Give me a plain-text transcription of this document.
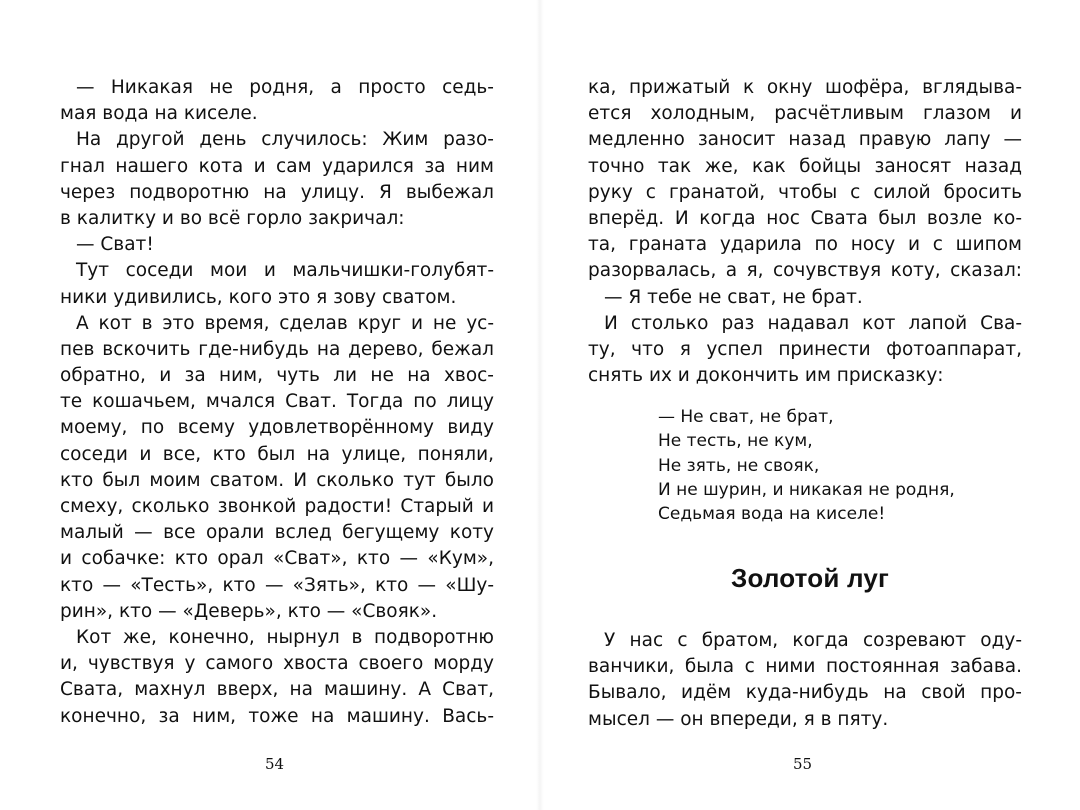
— Никакая не родня, а просто седь-
мая вода на киселе.
На другой день случилось: Жим разо-
гнал нашего кота и сам ударился за ним
через подворотню на улицу. Я выбежал
в калитку и во всё горло закричал:
— Сват!
Тут соседи мои и мальчишки-голубят-
ники удивились, кого это я зову сватом.
А кот в это время, сделав круг и не ус-
пев вскочить где-нибудь на дерево, бежал
обратно, и за ним, чуть ли не на хвос-
те кошачьем, мчался Сват. Тогда по лицу
моему, по всему удовлетворённому виду
соседи и все, кто был на улице, поняли,
кто был моим сватом. И сколько тут было
смеху, сколько звонкой радости! Старый и
малый — все орали вслед бегущему коту
и собачке: кто орал «Сват», кто — «Кум»,
кто — «Тесть», кто — «Зять», кто — «Шу-
рин», кто — «Деверь», кто — «Свояк».
Кот же, конечно, нырнул в подворотню
и, чувствуя у самого хвоста своего морду
Свата, махнул вверх, на машину. А Сват,
конечно, за ним, тоже на машину. Вась-
54
ка, прижатый к окну шофёра, вглядыва-
ется холодным, расчётливым глазом и
медленно заносит назад правую лапу —
точно так же, как бойцы заносят назад
руку с гранатой, чтобы с силой бросить
вперёд. И когда нос Свата был возле ко-
та, граната ударила по носу и с шипом
разорвалась, а я, сочувствуя коту, сказал:
— Я тебе не сват, не брат.
И столько раз надавал кот лапой Сва-
ту, что я успел принести фотоаппарат,
снять их и докончить им присказку:
— Не сват, не брат,
Не тесть, не кум,
Не зять, не свояк,
И не шурин, и никакая не родня,
Седьмая вода на киселе!
Золотой луг
У нас с братом, когда созревают оду-
ванчики, была с ними постоянная забава.
Бывало, идём куда-нибудь на свой про-
мысел — он впереди, я в пяту.
55
